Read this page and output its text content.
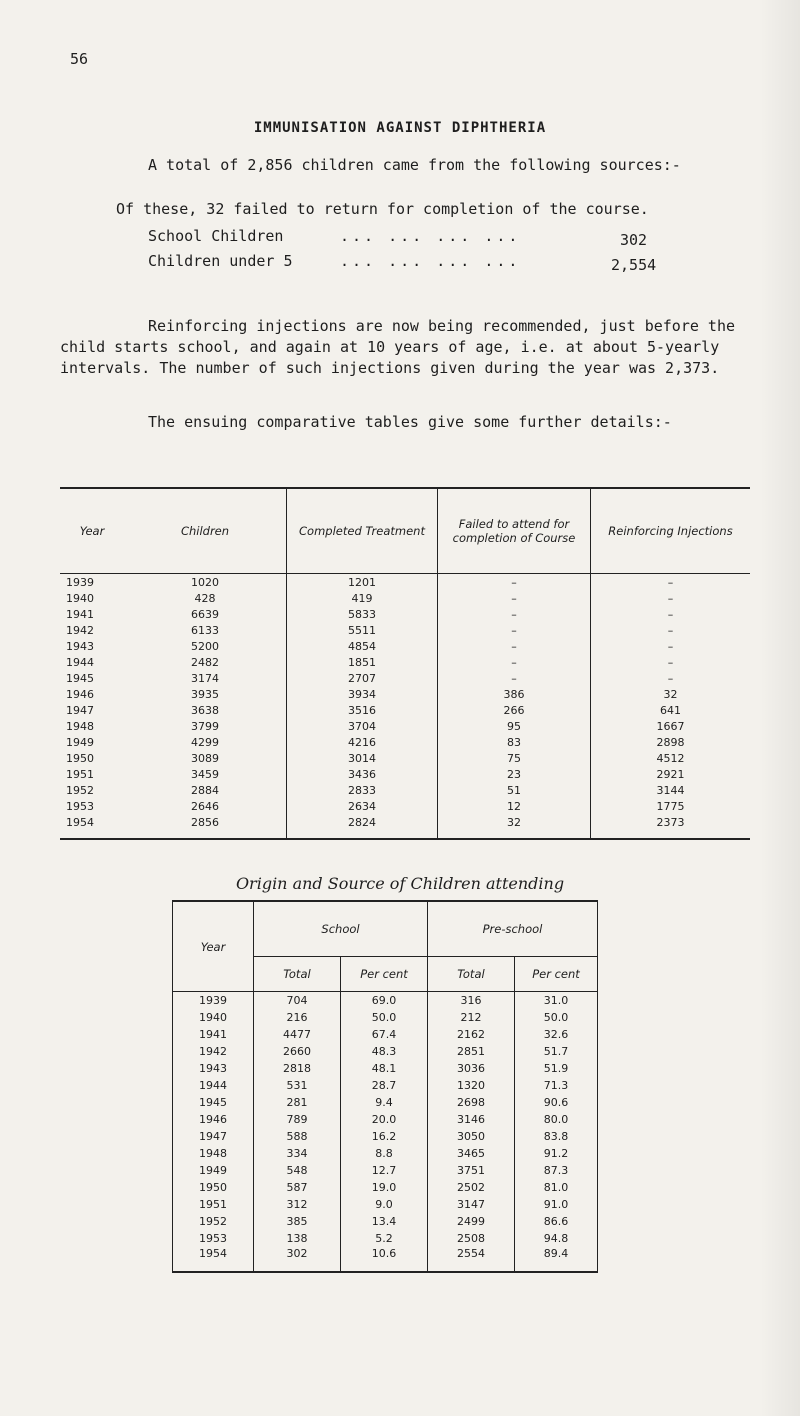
56
IMMUNISATION AGAINST DIPHTHERIA
A total of 2,856 children came from the following sources:-
Of these, 32 failed to return for completion of the course.
School Children	... ... ... ...	302
Children under 5	... ... ... ...	2,554
Reinforcing injections are now being recommended, just before the child starts school, and again at 10 years of age, i.e. at about 5-yearly intervals. The number of such injections given during the year was 2,373.
The ensuing comparative tables give some further details:-
Year	Children	Completed Treatment	Failed to attend for completion of Course	Reinforcing Injections
1939	1020	1201	–	–
1940	428	419	–	–
1941	6639	5833	–	–
1942	6133	5511	–	–
1943	5200	4854	–	–
1944	2482	1851	–	–
1945	3174	2707	–	–
1946	3935	3934	386	32
1947	3638	3516	266	641
1948	3799	3704	95	1667
1949	4299	4216	83	2898
1950	3089	3014	75	4512
1951	3459	3436	23	2921
1952	2884	2833	51	3144
1953	2646	2634	12	1775
1954	2856	2824	32	2373
Origin and Source of Children attending
Year	School		Pre-school	
	Total	Per cent	Total	Per cent
1939	704	69.0	316	31.0
1940	216	50.0	212	50.0
1941	4477	67.4	2162	32.6
1942	2660	48.3	2851	51.7
1943	2818	48.1	3036	51.9
1944	531	28.7	1320	71.3
1945	281	9.4	2698	90.6
1946	789	20.0	3146	80.0
1947	588	16.2	3050	83.8
1948	334	8.8	3465	91.2
1949	548	12.7	3751	87.3
1950	587	19.0	2502	81.0
1951	312	9.0	3147	91.0
1952	385	13.4	2499	86.6
1953	138	5.2	2508	94.8
1954	302	10.6	2554	89.4
